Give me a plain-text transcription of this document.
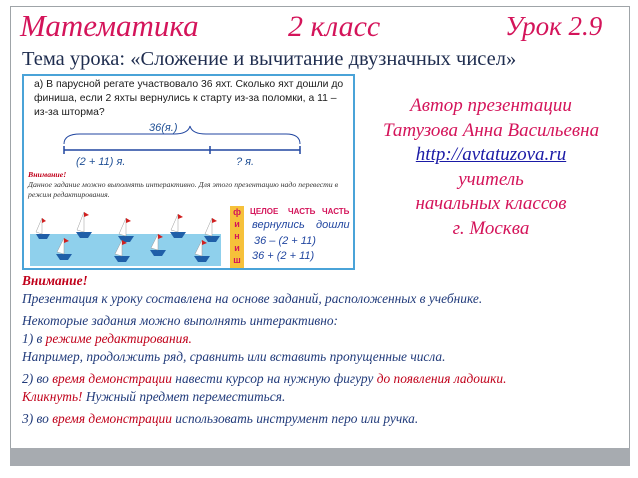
Математика	2 класс	Урок 2.9
Тема урока: «Сложение и вычитание двузначных чисел»
а) В парусной регате участвовало 36 яхт. Сколько яхт дошли до финиша, если 2 яхты вернулись к старту из-за поломки, а 11 – из-за шторма?
36(я.)
(2 + 11) я.	? я.
Внимание!
Данное задание можно выполнять интерактивно. Для этого презентацию надо перевести в режим редактирования.
ф
и
н
и
ш
ЦЕЛОЕ ЧАСТЬ ЧАСТЬ
вернулись дошли
36 – (2 + 11)
36 + (2 + 11)
Автор презентации
Татузова Анна Васильевна
http://avtatuzova.ru
учитель
начальных классов
г. Москва

Внимание!

Презентация к уроку составлена на основе заданий, расположенных в учебнике.

Некоторые задания можно выполнять интерактивно:

1) в режиме редактирования.

Например, продолжить ряд, сравнить или вставить пропущенные числа.

2) во время демонстрации навести курсор на нужную фигуру до появления ладошки.

Кликнуть! Нужный предмет переместиться.

3) во время демонстрации использовать инструмент перо или ручка.
